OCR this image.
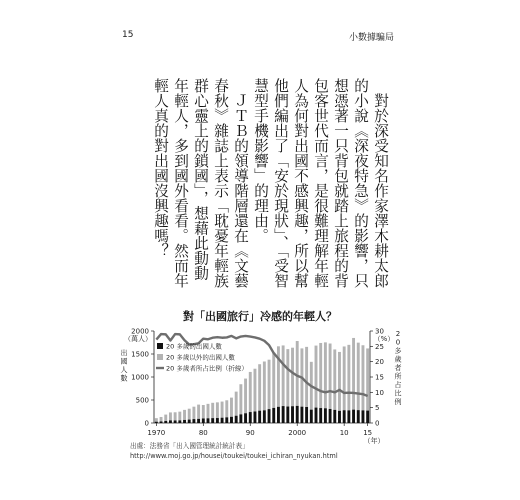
15	小數據騙局

對於深受知名作家澤木耕太郎的小說《深夜特急》的影響，只想憑著一只背包就踏上旅程的背包客世代而言，是很難理解年輕人為何對出國不感興趣，所以幫他們編出了「安於現狀」、「受智慧型手機影響」的理由。

ＪＴＢ的領導階層還在《文藝春秋》雜誌上表示「耽憂年輕族群心靈上的鎖國」，想藉此動動年輕人，多到國外看看。然而年輕人真的對出國沒興趣嗎？

對「出國旅行」冷感的年輕人？
0
500
1000
1500
2000
0
5
10
15
20
25
30
1970	80	90	2000	10 15
（年）
（萬人）	（%）
出國人數
2 0 多歲者所占比例
20 多歲的出國人數
20 多歲以外的出國人數
20 多歲者所占比例（折線）
出處：法務省「出入國管理統計統計表」
http://www.moj.go.jp/housei/toukei/toukei_ichiran_nyukan.html
